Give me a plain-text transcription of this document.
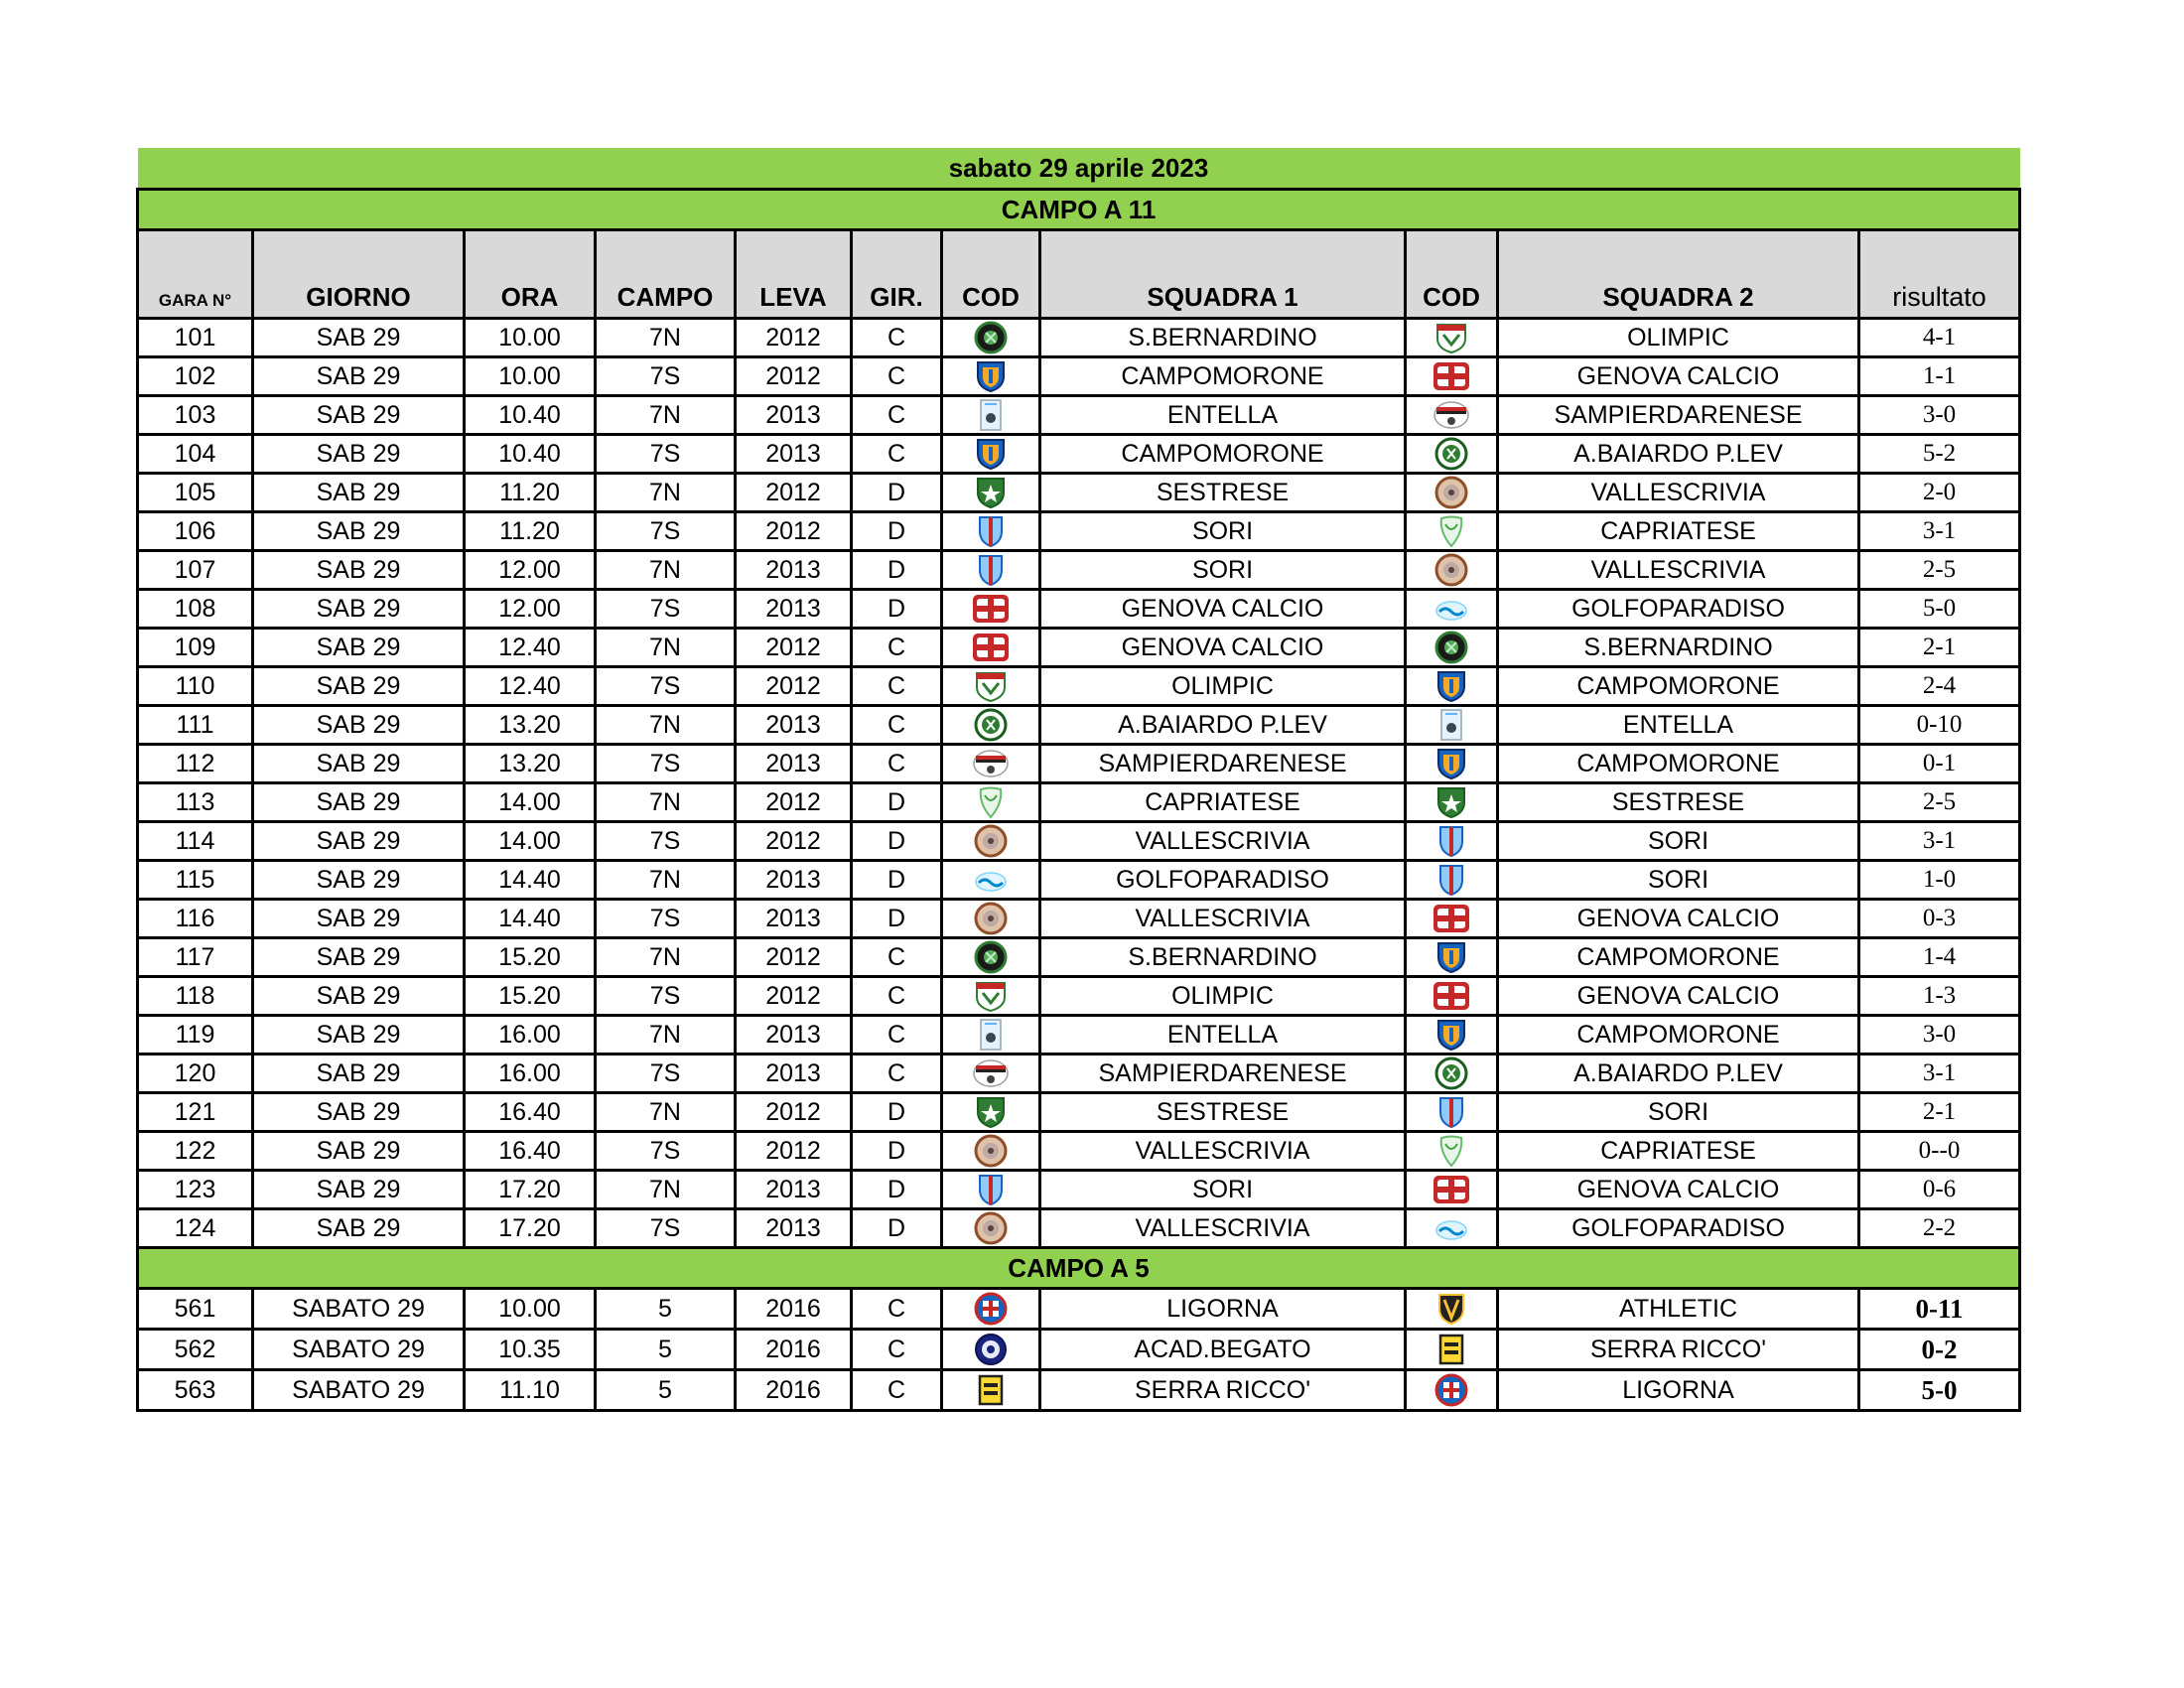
sabato 29 aprile 2023										
CAMPO A 11										
GARA N°	GIORNO	ORA	CAMPO	LEVA	GIR.	COD	SQUADRA 1	COD	SQUADRA 2	risultato
101	SAB 29	10.00	7N	2012	C		S.BERNARDINO		OLIMPIC	4-1
102	SAB 29	10.00	7S	2012	C		CAMPOMORONE		GENOVA CALCIO	1-1
103	SAB 29	10.40	7N	2013	C		ENTELLA		SAMPIERDARENESE	3-0
104	SAB 29	10.40	7S	2013	C		CAMPOMORONE		A.BAIARDO P.LEV	5-2
105	SAB 29	11.20	7N	2012	D		SESTRESE		VALLESCRIVIA	2-0
106	SAB 29	11.20	7S	2012	D		SORI		CAPRIATESE	3-1
107	SAB 29	12.00	7N	2013	D		SORI		VALLESCRIVIA	2-5
108	SAB 29	12.00	7S	2013	D		GENOVA CALCIO		GOLFOPARADISO	5-0
109	SAB 29	12.40	7N	2012	C		GENOVA CALCIO		S.BERNARDINO	2-1
110	SAB 29	12.40	7S	2012	C		OLIMPIC		CAMPOMORONE	2-4
111	SAB 29	13.20	7N	2013	C		A.BAIARDO P.LEV		ENTELLA	0-10
112	SAB 29	13.20	7S	2013	C		SAMPIERDARENESE		CAMPOMORONE	0-1
113	SAB 29	14.00	7N	2012	D		CAPRIATESE		SESTRESE	2-5
114	SAB 29	14.00	7S	2012	D		VALLESCRIVIA		SORI	3-1
115	SAB 29	14.40	7N	2013	D		GOLFOPARADISO		SORI	1-0
116	SAB 29	14.40	7S	2013	D		VALLESCRIVIA		GENOVA CALCIO	0-3
117	SAB 29	15.20	7N	2012	C		S.BERNARDINO		CAMPOMORONE	1-4
118	SAB 29	15.20	7S	2012	C		OLIMPIC		GENOVA CALCIO	1-3
119	SAB 29	16.00	7N	2013	C		ENTELLA		CAMPOMORONE	3-0
120	SAB 29	16.00	7S	2013	C		SAMPIERDARENESE		A.BAIARDO P.LEV	3-1
121	SAB 29	16.40	7N	2012	D		SESTRESE		SORI	2-1
122	SAB 29	16.40	7S	2012	D		VALLESCRIVIA		CAPRIATESE	0--0
123	SAB 29	17.20	7N	2013	D		SORI		GENOVA CALCIO	0-6
124	SAB 29	17.20	7S	2013	D		VALLESCRIVIA		GOLFOPARADISO	2-2
CAMPO A 5										
561	SABATO 29	10.00	5	2016	C		LIGORNA		ATHLETIC	0-11
562	SABATO 29	10.35	5	2016	C		ACAD.BEGATO		SERRA RICCO'	0-2
563	SABATO 29	11.10	5	2016	C		SERRA RICCO'		LIGORNA	5-0
